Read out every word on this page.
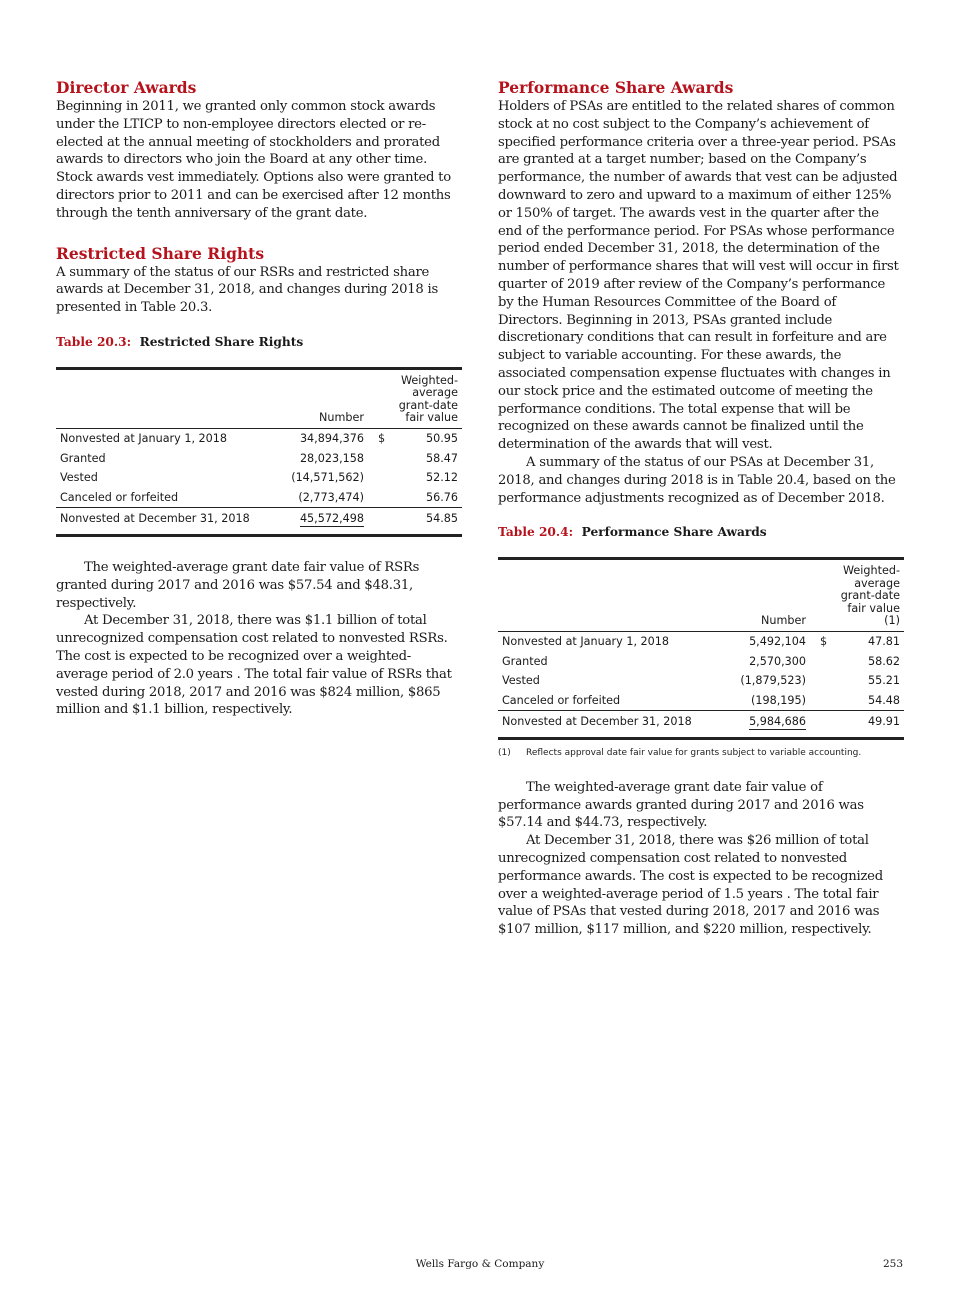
Director Awards

Beginning in 2011, we granted only common stock awards under the LTICP to non-employee directors elected or re-elected at the annual meeting of stockholders and prorated awards to directors who join the Board at any other time. Stock awards vest immediately. Options also were granted to directors prior to 2011 and can be exercised after 12 months through the tenth anniversary of the grant date.

Restricted Share Rights

A summary of the status of our RSRs and restricted share awards at December 31, 2018, and changes during 2018 is presented in Table 20.3.

Table 20.3: Restricted Share Rights
	Number		Weighted- average grant-date fair value
Nonvested at January 1, 2018	34,894,376	$	50.95
Granted	28,023,158		58.47
Vested	(14,571,562)		52.12
Canceled or forfeited	(2,773,474)		56.76
Nonvested at December 31, 2018	45,572,498		54.85

The weighted-average grant date fair value of RSRs granted during 2017 and 2016 was $57.54 and $48.31, respectively.

At December 31, 2018, there was $1.1 billion of total unrecognized compensation cost related to nonvested RSRs. The cost is expected to be recognized over a weighted-average period of 2.0 years . The total fair value of RSRs that vested during 2018, 2017 and 2016 was $824 million, $865 million and $1.1 billion, respectively.

Performance Share Awards

Holders of PSAs are entitled to the related shares of common stock at no cost subject to the Company’s achievement of specified performance criteria over a three-year period. PSAs are granted at a target number; based on the Company’s performance, the number of awards that vest can be adjusted downward to zero and upward to a maximum of either 125% or 150% of target. The awards vest in the quarter after the end of the performance period. For PSAs whose performance period ended December 31, 2018, the determination of the number of performance shares that will vest will occur in first quarter of 2019 after review of the Company’s performance by the Human Resources Committee of the Board of Directors. Beginning in 2013, PSAs granted include discretionary conditions that can result in forfeiture and are subject to variable accounting. For these awards, the associated compensation expense fluctuates with changes in our stock price and the estimated outcome of meeting the performance conditions. The total expense that will be recognized on these awards cannot be finalized until the determination of the awards that will vest.

A summary of the status of our PSAs at December 31, 2018, and changes during 2018 is in Table 20.4, based on the performance adjustments recognized as of December 2018.

Table 20.4: Performance Share Awards
	Number		Weighted- average grant-date fair value (1)
Nonvested at January 1, 2018	5,492,104	$	47.81
Granted	2,570,300		58.62
Vested	(1,879,523)		55.21
Canceled or forfeited	(198,195)		54.48
Nonvested at December 31, 2018	5,984,686		49.91
(1) Reflects approval date fair value for grants subject to variable accounting.

The weighted-average grant date fair value of performance awards granted during 2017 and 2016 was $57.14 and $44.73, respectively.

At December 31, 2018, there was $26 million of total unrecognized compensation cost related to nonvested performance awards. The cost is expected to be recognized over a weighted-average period of 1.5 years . The total fair value of PSAs that vested during 2018, 2017 and 2016 was $107 million, $117 million, and $220 million, respectively.

Wells Fargo & Company	253
